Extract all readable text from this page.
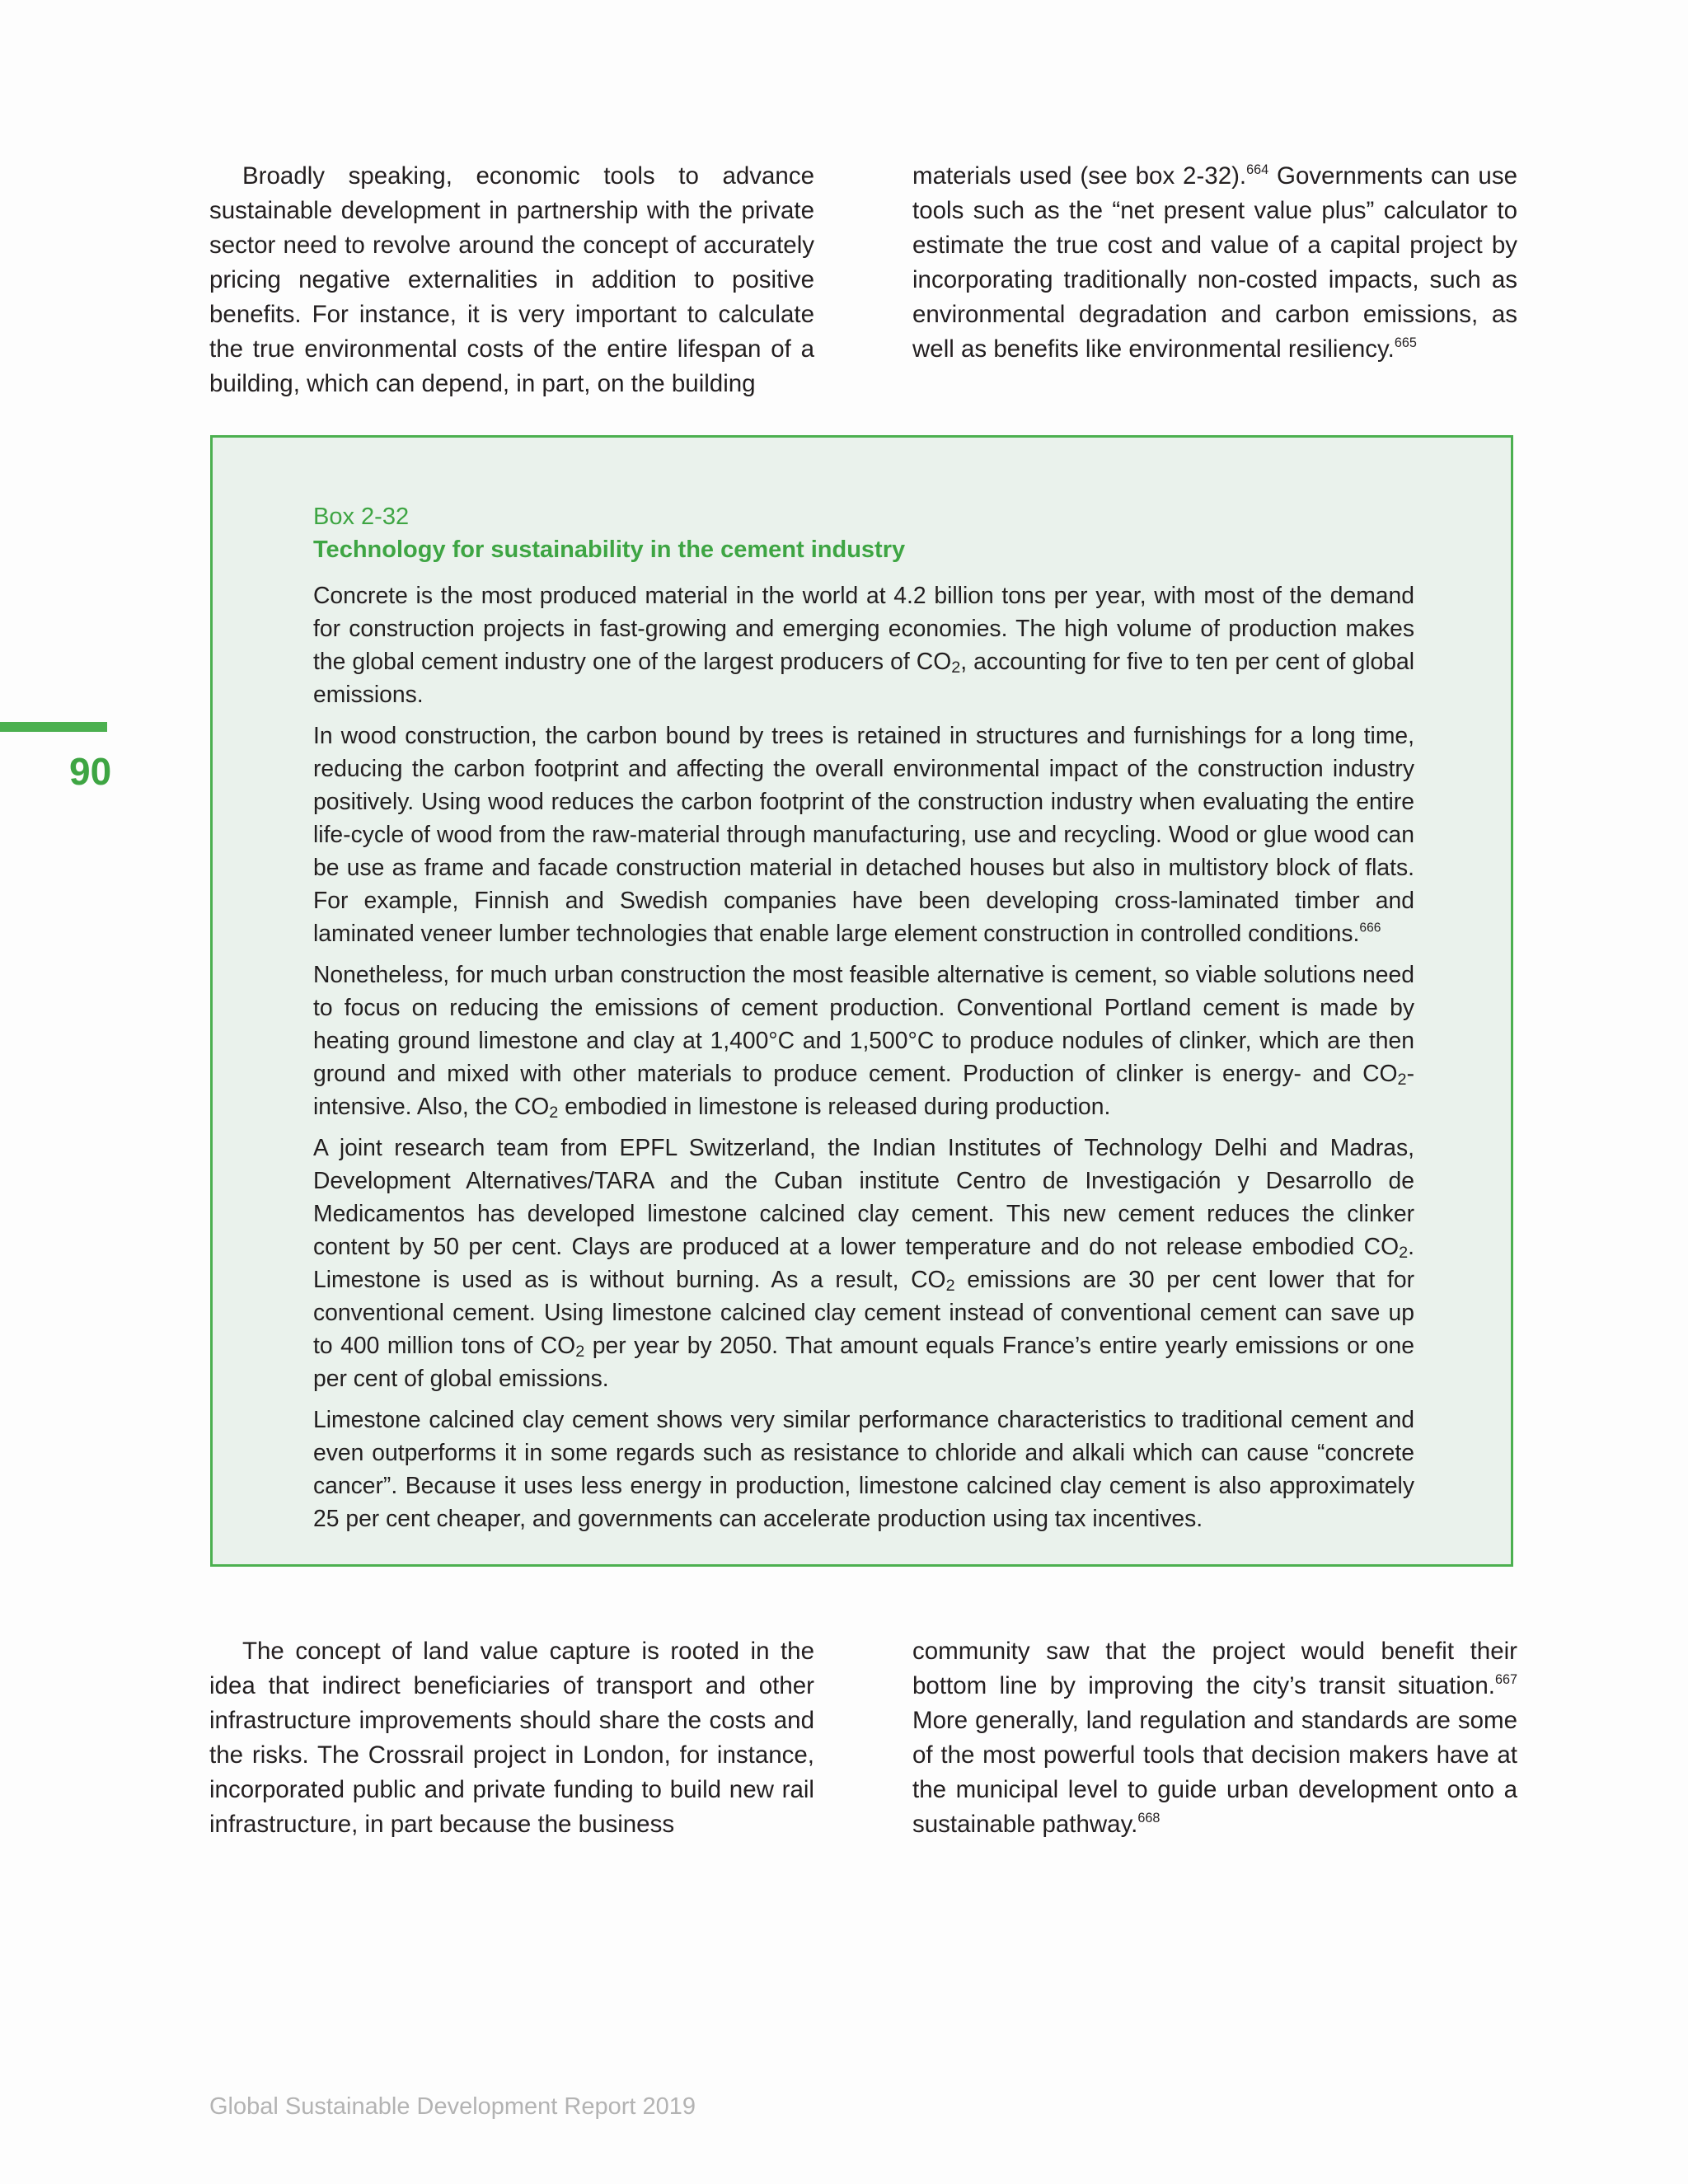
90

Broadly speaking, economic tools to advance sustainable development in partnership with the private sector need to revolve around the concept of accurately pricing negative externalities in addition to positive benefits. For instance, it is very important to calculate the true environmental costs of the entire lifespan of a building, which can depend, in part, on the building

materials used (see box 2-32).$^{664}$ Governments can use tools such as the “net present value plus” calculator to estimate the true cost and value of a capital project by incorporating traditionally non-costed impacts, such as environmental degradation and carbon emissions, as well as benefits like environmental resiliency.$^{665}$

Box 2-32

Technology for sustainability in the cement industry

Concrete is the most produced material in the world at 4.2 billion tons per year, with most of the demand for construction projects in fast-growing and emerging economies. The high volume of production makes the global cement industry one of the largest producers of $CO_2$, accounting for five to ten per cent of global emissions.

In wood construction, the carbon bound by trees is retained in structures and furnishings for a long time, reducing the carbon footprint and affecting the overall environmental impact of the construction industry positively. Using wood reduces the carbon footprint of the construction industry when evaluating the entire life-cycle of wood from the raw-material through manufacturing, use and recycling. Wood or glue wood can be use as frame and facade construction material in detached houses but also in multistory block of flats. For example, Finnish and Swedish companies have been developing cross-laminated timber and laminated veneer lumber technologies that enable large element construction in controlled conditions.$^{666}$

Nonetheless, for much urban construction the most feasible alternative is cement, so viable solutions need to focus on reducing the emissions of cement production. Conventional Portland cement is made by heating ground limestone and clay at 1,400°C and 1,500°C to produce nodules of clinker, which are then ground and mixed with other materials to produce cement. Production of clinker is energy- and $CO_2$-intensive. Also, the $CO_2$ embodied in limestone is released during production.

A joint research team from EPFL Switzerland, the Indian Institutes of Technology Delhi and Madras, Development Alternatives/TARA and the Cuban institute Centro de Investigación y Desarrollo de Medicamentos has developed limestone calcined clay cement. This new cement reduces the clinker content by 50 per cent. Clays are produced at a lower temperature and do not release embodied $CO_2$. Limestone is used as is without burning. As a result, $CO_2$ emissions are 30 per cent lower that for conventional cement. Using limestone calcined clay cement instead of conventional cement can save up to 400 million tons of $CO_2$ per year by 2050. That amount equals France’s entire yearly emissions or one per cent of global emissions.

Limestone calcined clay cement shows very similar performance characteristics to traditional cement and even outperforms it in some regards such as resistance to chloride and alkali which can cause “concrete cancer”. Because it uses less energy in production, limestone calcined clay cement is also approximately 25 per cent cheaper, and governments can accelerate production using tax incentives.

The concept of land value capture is rooted in the idea that indirect beneficiaries of transport and other infrastructure improvements should share the costs and the risks. The Crossrail project in London, for instance, incorporated public and private funding to build new rail infrastructure, in part because the business

community saw that the project would benefit their bottom line by improving the city’s transit situation.$^{667}$ More generally, land regulation and standards are some of the most powerful tools that decision makers have at the municipal level to guide urban development onto a sustainable pathway.$^{668}$

Global Sustainable Development Report 2019
